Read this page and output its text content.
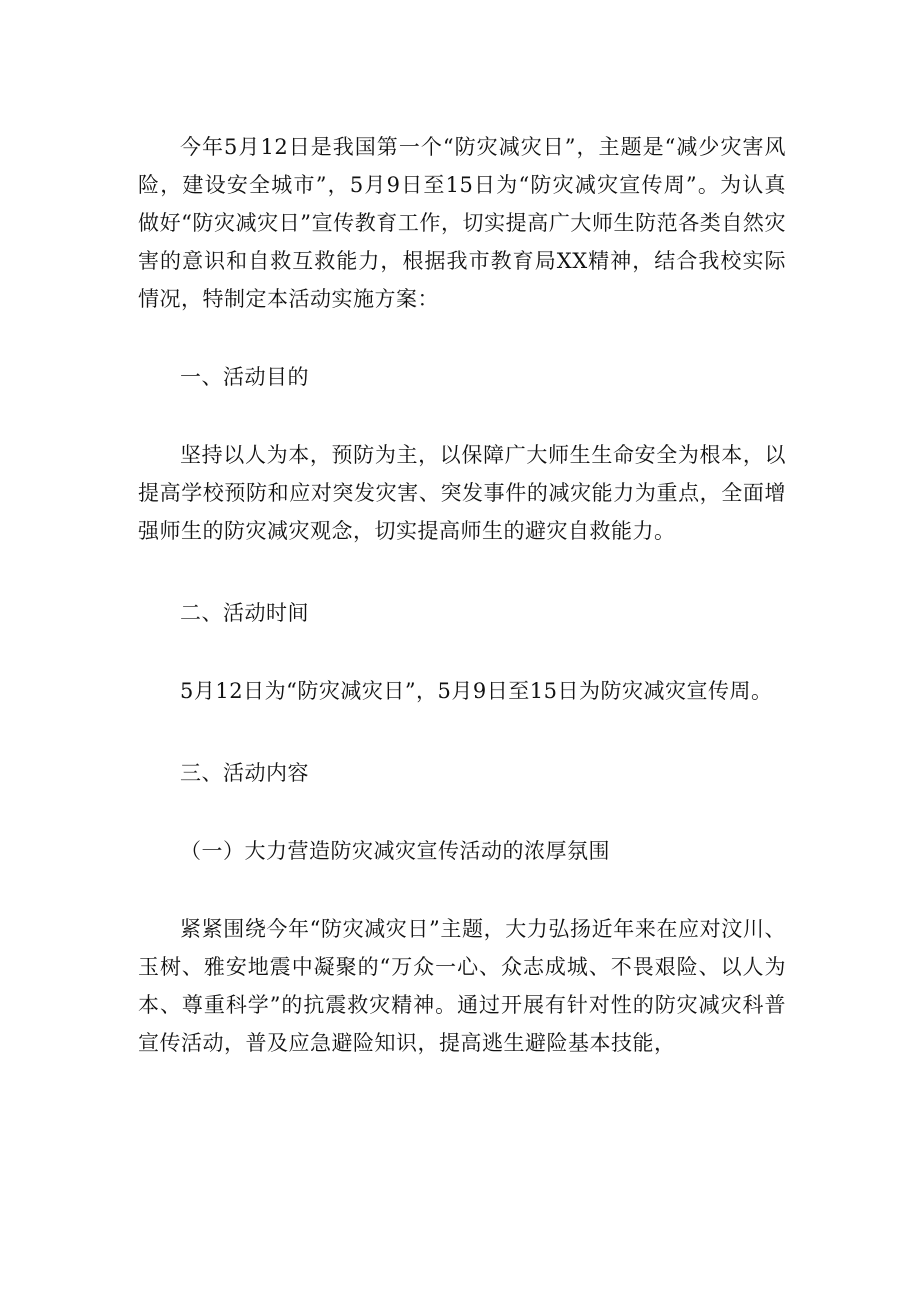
今年5月12日是我国第一个“防灾减灾日”，主题是“减少灾害风险，建设安全城市”，5月9日至15日为“防灾减灾宣传周”。为认真做好“防灾减灾日”宣传教育工作，切实提高广大师生防范各类自然灾害的意识和自救互救能力，根据我市教育局XX精神，结合我校实际情况，特制定本活动实施方案：

一、活动目的

坚持以人为本，预防为主，以保障广大师生生命安全为根本，以提高学校预防和应对突发灾害、突发事件的减灾能力为重点，全面增强师生的防灾减灾观念，切实提高师生的避灾自救能力。

二、活动时间

5月12日为“防灾减灾日”，5月9日至15日为防灾减灾宣传周。

三、活动内容

（一）大力营造防灾减灾宣传活动的浓厚氛围

紧紧围绕今年“防灾减灾日”主题，大力弘扬近年来在应对汶川、玉树、雅安地震中凝聚的“万众一心、众志成城、不畏艰险、以人为本、尊重科学”的抗震救灾精神。通过开展有针对性的防灾减灾科普宣传活动，普及应急避险知识，提高逃生避险基本技能，
